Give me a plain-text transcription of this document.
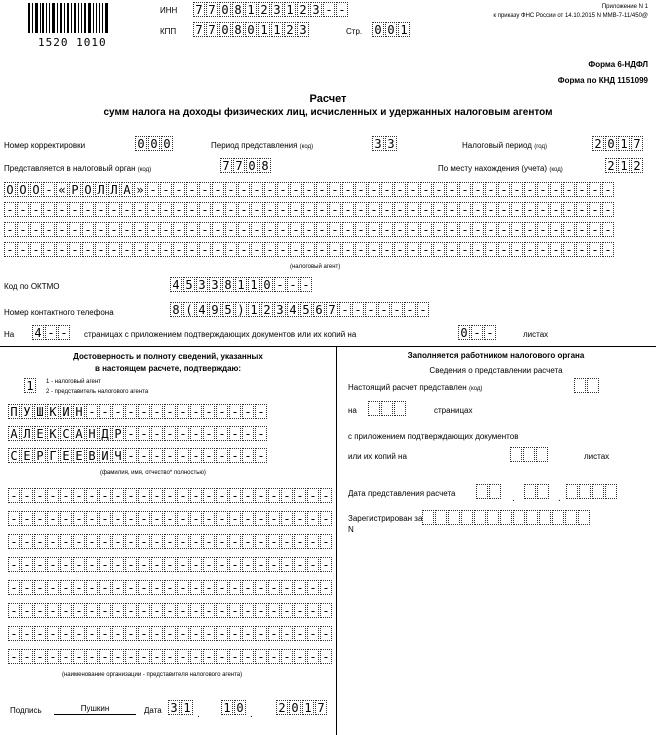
1520 1010
ИНН 7 7 0 8 1 2 3 1 2 3 - -
КПП 7 7 0 8 0 1 1 2 3	Стр. 0 0 1
Приложение N 1
к приказу ФНС России от 14.10.2015 N ММВ-7-11/450@
Форма 6-НДФЛ
Форма по КНД 1151099
Расчет
сумм налога на доходы физических лиц, исчисленных и удержанных налоговым агентом
Номер корректировки	0 0 0	Период представления (код)	3 3	Налоговый период (год)	2 0 1 7
Представляется в налоговый орган (код)	7 7 0 8	По месту нахождения (учета) (код)	2 1 2
О О О - « Р О Л Л А » - - - - - - - - - - - - - - - - - - - - - - - - - - - - - - - - - - - -
- - - - - - - - - - - - - - - - - - - - - - - - - - - - - - - - - - - - - - - - - - - - - - -
- - - - - - - - - - - - - - - - - - - - - - - - - - - - - - - - - - - - - - - - - - - - - - -
- - - - - - - - - - - - - - - - - - - - - - - - - - - - - - - - - - - - - - - - - - - - - - -
(налоговый агент)
Код по ОКТМО	4 5 3 3 8 1 1 0 - - -
Номер контактного телефона	8 ( 4 9 5 ) 1 2 3 4 5 6 7 - - - - - - -
На 4 - - страницах с приложением подтверждающих документов или их копий на	0 - -	листах
Достоверность и полноту сведений, указанных
в настоящем расчете, подтверждаю:
1	1 - налоговый агент
2 - представитель налогового агента
П У Ш К И Н - - - - - - - - - - - - - -
А Л Е К С А Н Д Р - - - - - - - - - - -
С Е Р Г Е Е В И Ч - - - - - - - - - - -
(фамилия, имя, отчество* полностью)
- - - - - - - - - - - - - - - - - - - - - - - - -
- - - - - - - - - - - - - - - - - - - - - - - - -
- - - - - - - - - - - - - - - - - - - - - - - - -
- - - - - - - - - - - - - - - - - - - - - - - - -
- - - - - - - - - - - - - - - - - - - - - - - - -
- - - - - - - - - - - - - - - - - - - - - - - - -
- - - - - - - - - - - - - - - - - - - - - - - - -
- - - - - - - - - - - - - - - - - - - - - - - - -
(наименование организации - представителя налогового агента)
Подпись	Пушкин	Дата 3 1 . 1 0 . 2 0 1 7
Заполняется работником налогового органа
Сведения о представлении расчета
Настоящий расчет представлен (код)
на	страницах
с приложением подтверждающих документов
или их копий на	листах
Дата представления расчета	.	.
Зарегистрирован за
N
